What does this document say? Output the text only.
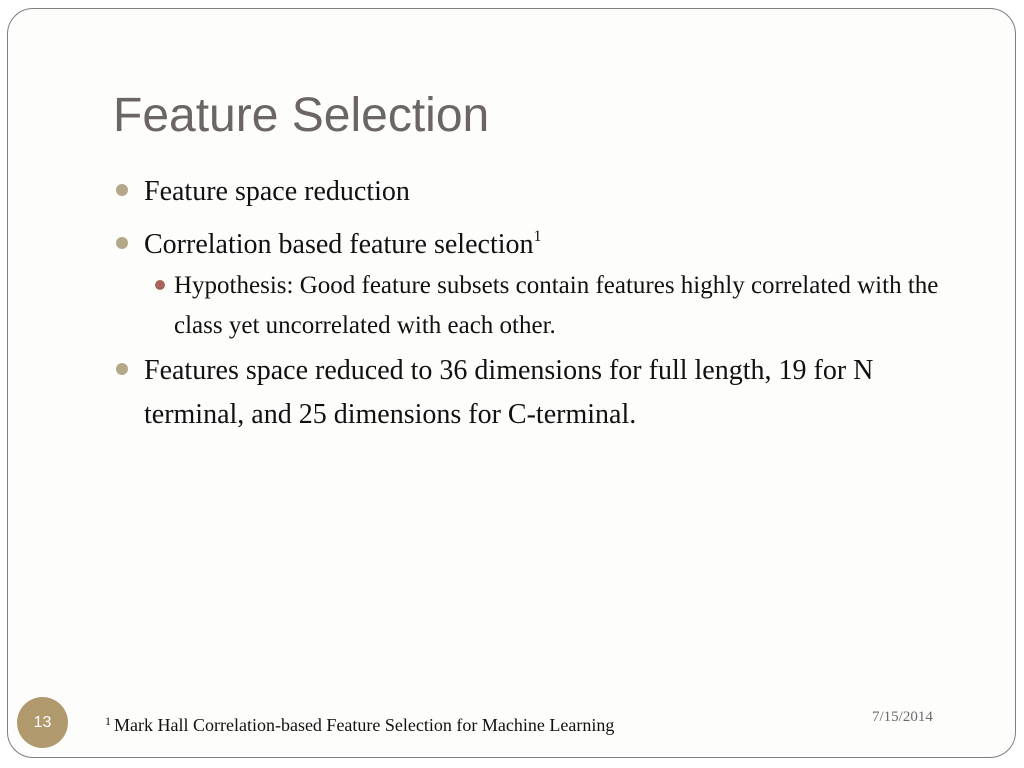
Feature Selection
Feature space reduction
Correlation based feature selection$^1$
Hypothesis: Good feature subsets contain features highly correlated with the class yet uncorrelated with each other.
Features space reduced to 36 dimensions for full length, 19 for N terminal, and 25 dimensions for C-terminal.
13	$^1$ Mark Hall Correlation-based Feature Selection for Machine Learning	7/15/2014
